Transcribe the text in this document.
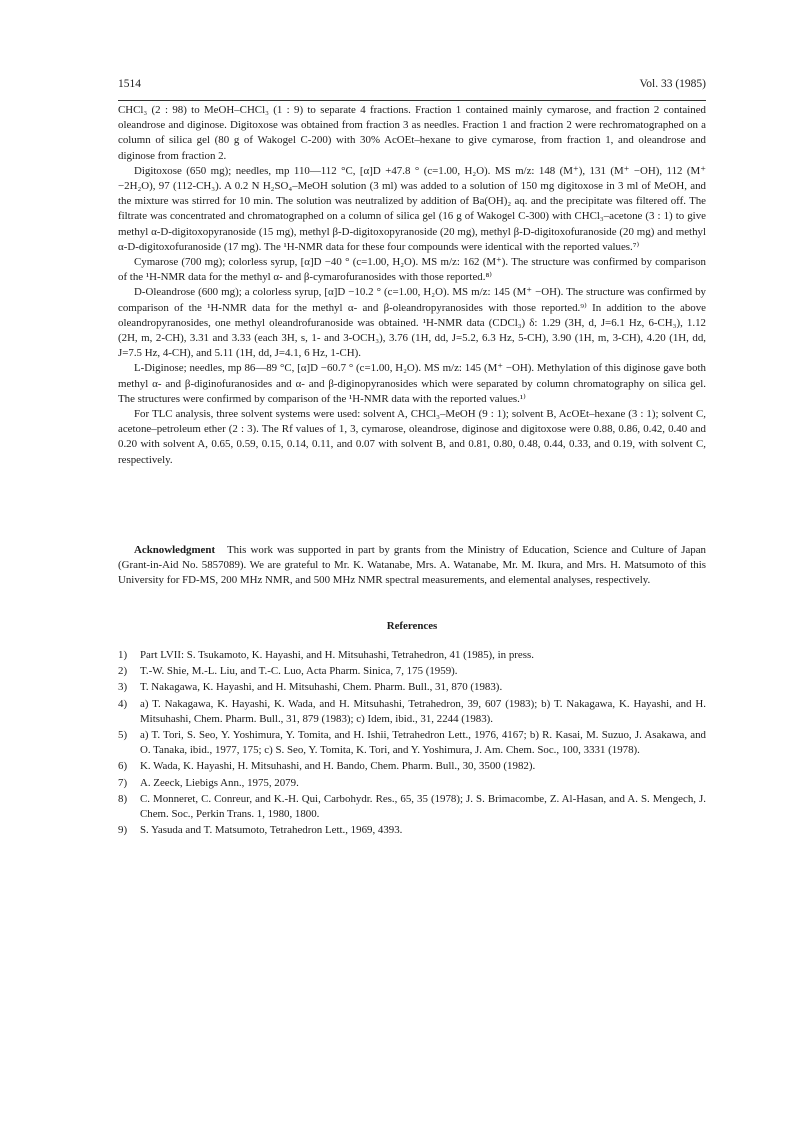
1514	Vol. 33 (1985)

CHCl₃ (2 : 98) to MeOH–CHCl₃ (1 : 9) to separate 4 fractions. Fraction 1 contained mainly cymarose, and fraction 2 contained oleandrose and diginose. Digitoxose was obtained from fraction 3 as needles. Fraction 1 and fraction 2 were rechromatographed on a column of silica gel (80 g of Wakogel C-200) with 30% AcOEt–hexane to give cymarose, from fraction 1, and oleandrose and diginose from fraction 2.

Digitoxose (650 mg); needles, mp 110—112 °C, [α]D +47.8 ° (c=1.00, H₂O). MS m/z: 148 (M⁺), 131 (M⁺ −OH), 112 (M⁺ −2H₂O), 97 (112-CH₃). A 0.2 N H₂SO₄–MeOH solution (3 ml) was added to a solution of 150 mg digitoxose in 3 ml of MeOH, and the mixture was stirred for 10 min. The solution was neutralized by addition of Ba(OH)₂ aq. and the precipitate was filtered off. The filtrate was concentrated and chromatographed on a column of silica gel (16 g of Wakogel C-300) with CHCl₃–acetone (3 : 1) to give methyl α-D-digitoxopyranoside (15 mg), methyl β-D-digitoxopyranoside (20 mg), methyl β-D-digitoxofuranoside (20 mg) and methyl α-D-digitoxofuranoside (17 mg). The ¹H-NMR data for these four compounds were identical with the reported values.⁷⁾

Cymarose (700 mg); colorless syrup, [α]D −40 ° (c=1.00, H₂O). MS m/z: 162 (M⁺). The structure was confirmed by comparison of the ¹H-NMR data for the methyl α- and β-cymarofuranosides with those reported.⁸⁾

D-Oleandrose (600 mg); a colorless syrup, [α]D −10.2 ° (c=1.00, H₂O). MS m/z: 145 (M⁺ −OH). The structure was confirmed by comparison of the ¹H-NMR data for the methyl α- and β-oleandropyranosides with those reported.⁹⁾ In addition to the above oleandropyranosides, one methyl oleandrofuranoside was obtained. ¹H-NMR data (CDCl₃) δ: 1.29 (3H, d, J=6.1 Hz, 6-CH₃), 1.12 (2H, m, 2-CH), 3.31 and 3.33 (each 3H, s, 1- and 3-OCH₃), 3.76 (1H, dd, J=5.2, 6.3 Hz, 5-CH), 3.90 (1H, m, 3-CH), 4.20 (1H, dd, J=7.5 Hz, 4-CH), and 5.11 (1H, dd, J=4.1, 6 Hz, 1-CH).

L-Diginose; needles, mp 86—89 °C, [α]D −60.7 ° (c=1.00, H₂O). MS m/z: 145 (M⁺ −OH). Methylation of this diginose gave both methyl α- and β-diginofuranosides and α- and β-diginopyranosides which were separated by column chromatography on silica gel. The structures were confirmed by comparison of the ¹H-NMR data with the reported values.¹⁾

For TLC analysis, three solvent systems were used: solvent A, CHCl₃–MeOH (9 : 1); solvent B, AcOEt–hexane (3 : 1); solvent C, acetone–petroleum ether (2 : 3). The Rf values of 1, 3, cymarose, oleandrose, diginose and digitoxose were 0.88, 0.86, 0.42, 0.40 and 0.20 with solvent A, 0.65, 0.59, 0.15, 0.14, 0.11, and 0.07 with solvent B, and 0.81, 0.80, 0.48, 0.44, 0.33, and 0.19, with solvent C, respectively.

Acknowledgment This work was supported in part by grants from the Ministry of Education, Science and Culture of Japan (Grant-in-Aid No. 5857089). We are grateful to Mr. K. Watanabe, Mrs. A. Watanabe, Mr. M. Ikura, and Mrs. H. Matsumoto of this University for FD-MS, 200 MHz NMR, and 500 MHz NMR spectral measurements, and elemental analyses, respectively.
References
1) Part LVII: S. Tsukamoto, K. Hayashi, and H. Mitsuhashi, Tetrahedron, 41 (1985), in press.
2) T.-W. Shie, M.-L. Liu, and T.-C. Luo, Acta Pharm. Sinica, 7, 175 (1959).
3) T. Nakagawa, K. Hayashi, and H. Mitsuhashi, Chem. Pharm. Bull., 31, 870 (1983).
4) a) T. Nakagawa, K. Hayashi, K. Wada, and H. Mitsuhashi, Tetrahedron, 39, 607 (1983); b) T. Nakagawa, K. Hayashi, and H. Mitsuhashi, Chem. Pharm. Bull., 31, 879 (1983); c) Idem, ibid., 31, 2244 (1983).
5) a) T. Tori, S. Seo, Y. Yoshimura, Y. Tomita, and H. Ishii, Tetrahedron Lett., 1976, 4167; b) R. Kasai, M. Suzuo, J. Asakawa, and O. Tanaka, ibid., 1977, 175; c) S. Seo, Y. Tomita, K. Tori, and Y. Yoshimura, J. Am. Chem. Soc., 100, 3331 (1978).
6) K. Wada, K. Hayashi, H. Mitsuhashi, and H. Bando, Chem. Pharm. Bull., 30, 3500 (1982).
7) A. Zeeck, Liebigs Ann., 1975, 2079.
8) C. Monneret, C. Conreur, and K.-H. Qui, Carbohydr. Res., 65, 35 (1978); J. S. Brimacombe, Z. Al-Hasan, and A. S. Mengech, J. Chem. Soc., Perkin Trans. 1, 1980, 1800.
9) S. Yasuda and T. Matsumoto, Tetrahedron Lett., 1969, 4393.
